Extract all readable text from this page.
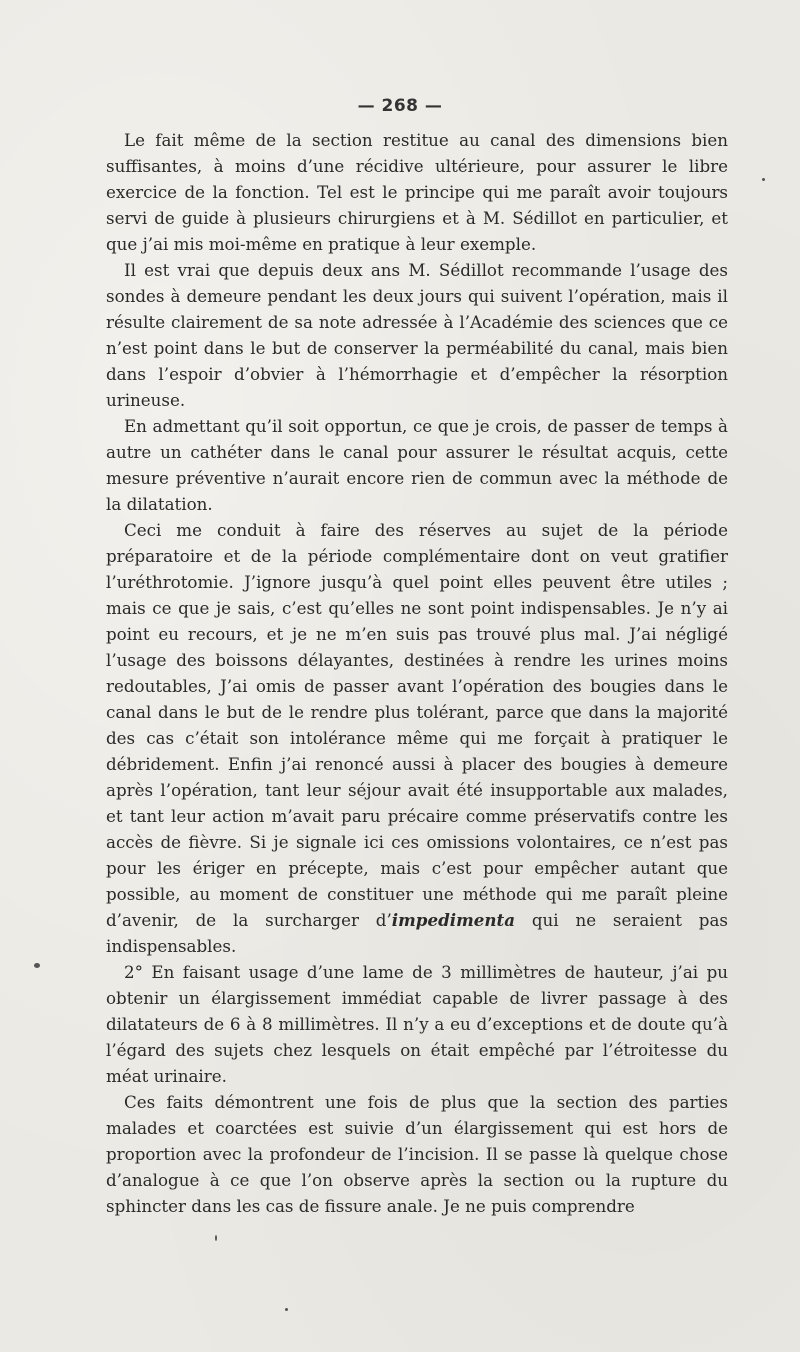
— 268 —

Le fait même de la section restitue au canal des dimensions bien suffisantes, à moins d’une récidive ultérieure, pour assurer le libre exercice de la fonction. Tel est le principe qui me paraît avoir toujours servi de guide à plusieurs chirurgiens et à M. Sédillot en particulier, et que j’ai mis moi-même en pratique à leur exemple.

Il est vrai que depuis deux ans M. Sédillot recommande l’usage des sondes à demeure pendant les deux jours qui suivent l’opération, mais il résulte clairement de sa note adressée à l’Académie des sciences que ce n’est point dans le but de conserver la perméabilité du canal, mais bien dans l’espoir d’obvier à l’hémorrhagie et d’empêcher la résorption urineuse.

En admettant qu’il soit opportun, ce que je crois, de passer de temps à autre un cathéter dans le canal pour assurer le résultat acquis, cette mesure préventive n’aurait encore rien de commun avec la méthode de la dilatation.

Ceci me conduit à faire des réserves au sujet de la période préparatoire et de la période complémentaire dont on veut gratifier l’uréthrotomie. J’ignore jusqu’à quel point elles peuvent être utiles ; mais ce que je sais, c’est qu’elles ne sont point indispensables. Je n’y ai point eu recours, et je ne m’en suis pas trouvé plus mal. J’ai négligé l’usage des boissons délayantes, destinées à rendre les urines moins redoutables, J’ai omis de passer avant l’opération des bougies dans le canal dans le but de le rendre plus tolérant, parce que dans la majorité des cas c’était son intolérance même qui me forçait à pratiquer le débridement. Enfin j’ai renoncé aussi à placer des bougies à demeure après l’opération, tant leur séjour avait été insupportable aux malades, et tant leur action m’avait paru précaire comme préservatifs contre les accès de fièvre. Si je signale ici ces omissions volontaires, ce n’est pas pour les ériger en précepte, mais c’est pour empêcher autant que possible, au moment de constituer une méthode qui me paraît pleine d’avenir, de la surcharger d’impedimenta qui ne seraient pas indispensables.

2° En faisant usage d’une lame de 3 millimètres de hauteur, j’ai pu obtenir un élargissement immédiat capable de livrer passage à des dilatateurs de 6 à 8 millimètres. Il n’y a eu d’exceptions et de doute qu’à l’égard des sujets chez lesquels on était empêché par l’étroitesse du méat urinaire.

Ces faits démontrent une fois de plus que la section des parties malades et coarctées est suivie d’un élargissement qui est hors de proportion avec la profondeur de l’incision. Il se passe là quelque chose d’analogue à ce que l’on observe après la section ou la rupture du sphincter dans les cas de fissure anale. Je ne puis comprendre
